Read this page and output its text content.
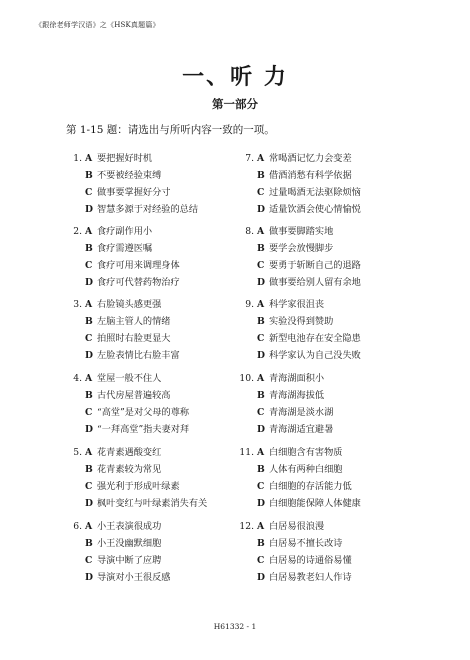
《跟徐老师学汉语》之《HSK真题篇》
一、听 力
第一部分
第 1-15 题：请选出与所听内容一致的一项。
1. A 要把握好时机
B 不要被经验束缚
C 做事要掌握好分寸
D 智慧多源于对经验的总结
2. A 食疗副作用小
B 食疗需遵医嘱
C 食疗可用来调理身体
D 食疗可代替药物治疗
3. A 右脸镜头感更强
B 左脑主管人的情绪
C 拍照时右脸更显大
D 左脸表情比右脸丰富
4. A 堂屋一般不住人
B 古代房屋普遍较高
C “高堂”是对父母的尊称
D “一拜高堂”指夫妻对拜
5. A 花青素遇酸变红
B 花青素较为常见
C 强光利于形成叶绿素
D 枫叶变红与叶绿素消失有关
6. A 小王表演很成功
B 小王没幽默细胞
C 导演中断了应聘
D 导演对小王很反感
7. A 常喝酒记忆力会变差
B 借酒消愁有科学依据
C 过量喝酒无法驱除烦恼
D 适量饮酒会使心情愉悦
8. A 做事要脚踏实地
B 要学会放慢脚步
C 要勇于斩断自己的退路
D 做事要给别人留有余地
9. A 科学家很沮丧
B 实验没得到赞助
C 新型电池存在安全隐患
D 科学家认为自己没失败
10. A 青海湖面积小
B 青海湖海拔低
C 青海湖是淡水湖
D 青海湖适宜避暑
11. A 白细胞含有害物质
B 人体有两种白细胞
C 白细胞的存活能力低
D 白细胞能保障人体健康
12. A 白居易很浪漫
B 白居易不擅长改诗
C 白居易的诗通俗易懂
D 白居易教老妇人作诗
H61332 - 1
